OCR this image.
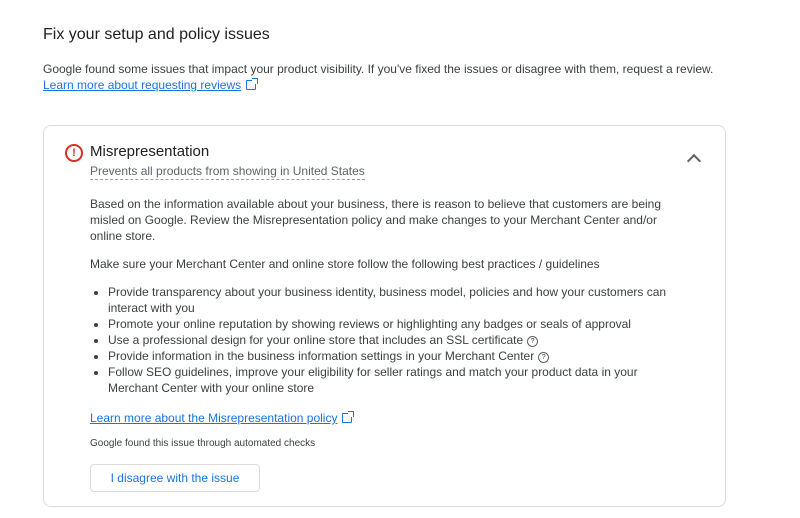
Fix your setup and policy issues
Google found some issues that impact your product visibility. If you've fixed the issues or disagree with them, request a review.
Learn more about requesting reviews
! Misrepresentation
Prevents all products from showing in United States

Based on the information available about your business, there is reason to believe that customers are being misled on Google. Review the Misrepresentation policy and make changes to your Merchant Center and/or online store.

Make sure your Merchant Center and online store follow the following best practices / guidelines

• Provide transparency about your business identity, business model, policies and how your customers can interact with you
• Promote your online reputation by showing reviews or highlighting any badges or seals of approval
• Use a professional design for your online store that includes an SSL certificate ?
• Provide information in the business information settings in your Merchant Center ?
• Follow SEO guidelines, improve your eligibility for seller ratings and match your product data in your Merchant Center with your online store
Learn more about the Misrepresentation policy
Google found this issue through automated checks
I disagree with the issue
